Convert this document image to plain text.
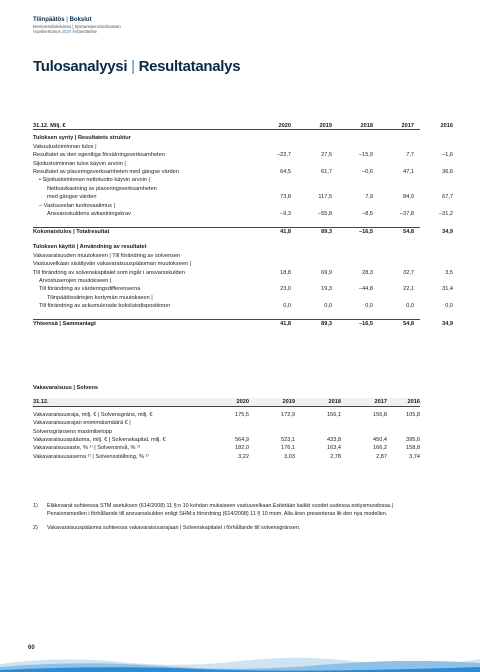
Tilinpäätös | Bokslut
Merimieseläkekassa | Sjömanspensionskassan
Vuosikertomus 2020 Årsberättelse
Tulosanalyysi | Resultatanalys
31.12. Milj. €	2020	2019	2018	2017	2016
Tuloksen synty | Resultatets struktur
Vakuutustoiminnan tulos |
Resultatet av den egentliga försäkringsverksamheten	–22,7	27,5	–15,9	7,7	–1,6
Sijoitustoiminnan tulos käyvin arvoin |
Resultatet av placeringsverksamheten med gängse värden	64,5	61,7	–0,6	47,1	36,6
• Sijoitustoiminnan nettotuotto käyvin arvoin |
Nettoavkastning av placeringsverksamheten
med gängse värden	73,8	117,5	7,9	84,9	67,7
– Vastuuvelan tuottovaatimus |
Ansvarsskuldens avkastningskrav	–9,3	–55,8	–8,5	–37,8	–31,2
Kokonaistulos | Totalresultat	41,8	89,3	–16,5	54,8	34,9
Tuloksen käyttö | Användning av resultatet
Vakavaraisuuden muutokseen | Till förändring av solvensen
Vastuuvelkaan sisältyvän vakavaraisuuspääoman muutokseen |
Till förändring av solvenskapitalet som ingår i ansvarsskulden	18,8	69,9	28,3	32,7	3,5
Arvostuserojen muutokseen |
Till förändring av värderingsdifferenserna	23,0	19,3	–44,8	22,1	31,4
Tilinpäätössiirtojen kertymän muutokseen |
Till förändring av ackumulerade bokslutsdispositioner	0,0	0,0	0,0	0,0	0,0
Yhteensä | Sammanlagt	41,8	89,3	–16,5	54,8	34,9
Vakavaraisuus | Solvens
31.12.	2020	2019	2018	2017	2016
Vakavaraisuusraja, milj. € | Solvensgräns, milj. €	175,5	172,9	156,1	156,8	105,8
Vakavaraisuusrajan enimmäismäärä € |
Solvensgränsens maximibelopp
Vakavaraisuuspääoma, milj. € | Solvenskapital, milj. €	564,9	523,1	433,8	450,4	395,6
Vakavaraisuusaste, % ¹⁾ | Solvensnivå, % ¹⁾	182,0	176,1	163,4	166,2	158,8
Vakavaraisuusasema ²⁾ | Solvensställning, % ²⁾	3,22	3,03	2,78	2,87	3,74
1) Eläkevarat suhteessa STM asetuksen (614/2008) 11 §:n 10 kohdan mukaiseen vastuuvelkaan.Esitetään kaikki vuodet uudessa esitysmuodossa.| Pensionsmedlen i förhållande till ansvarsskulden enligt SHM:s förordning (614/2008) 11 § 10 mom. Alla åren presenteras lik den nya modellen.
2) Vakavaraisuuspääoma suhteessa vakavaraisuusrajaan | Solvenskapitalet i förhållande till solvensgränsen.
60
